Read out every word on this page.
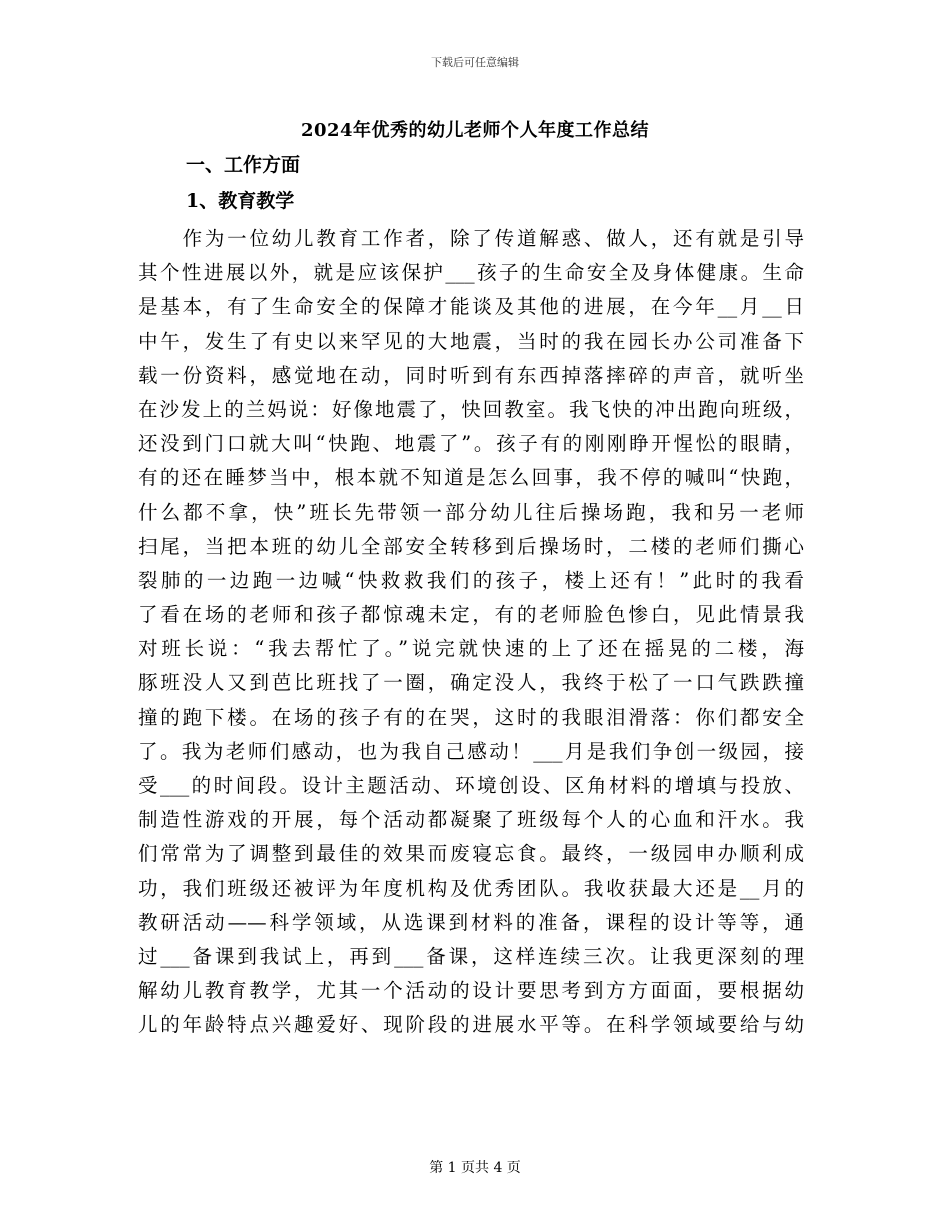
下载后可任意编辑
2024年优秀的幼儿老师个人年度工作总结
一、工作方面
1、教育教学
　　作为一位幼儿教育工作者，除了传道解惑、做人，还有就是引导
其个性进展以外，就是应该保护___孩子的生命安全及身体健康。生命
是基本，有了生命安全的保障才能谈及其他的进展，在今年__月__日
中午，发生了有史以来罕见的大地震，当时的我在园长办公司准备下
载一份资料，感觉地在动，同时听到有东西掉落摔碎的声音，就听坐
在沙发上的兰妈说：好像地震了，快回教室。我飞快的冲出跑向班级，
还没到门口就大叫“快跑、地震了”。孩子有的刚刚睁开惺忪的眼睛，
有的还在睡梦当中，根本就不知道是怎么回事，我不停的喊叫“快跑，
什么都不拿，快”班长先带领一部分幼儿往后操场跑，我和另一老师
扫尾，当把本班的幼儿全部安全转移到后操场时，二楼的老师们撕心
裂肺的一边跑一边喊“快救救我们的孩子，楼上还有！”此时的我看
了看在场的老师和孩子都惊魂未定，有的老师脸色惨白，见此情景我
对班长说：“我去帮忙了。”说完就快速的上了还在摇晃的二楼，海
豚班没人又到芭比班找了一圈，确定没人，我终于松了一口气跌跌撞
撞的跑下楼。在场的孩子有的在哭，这时的我眼泪滑落：你们都安全
了。我为老师们感动，也为我自己感动！___月是我们争创一级园，接
受___的时间段。设计主题活动、环境创设、区角材料的增填与投放、
制造性游戏的开展，每个活动都凝聚了班级每个人的心血和汗水。我
们常常为了调整到最佳的效果而废寝忘食。最终，一级园申办顺利成
功，我们班级还被评为年度机构及优秀团队。我收获最大还是__月的
教研活动——科学领域，从选课到材料的准备，课程的设计等等，通
过___备课到我试上，再到___备课，这样连续三次。让我更深刻的理
解幼儿教育教学，尤其一个活动的设计要思考到方方面面，要根据幼
儿的年龄特点兴趣爱好、现阶段的进展水平等。在科学领域要给与幼
第 1 页共 4 页
